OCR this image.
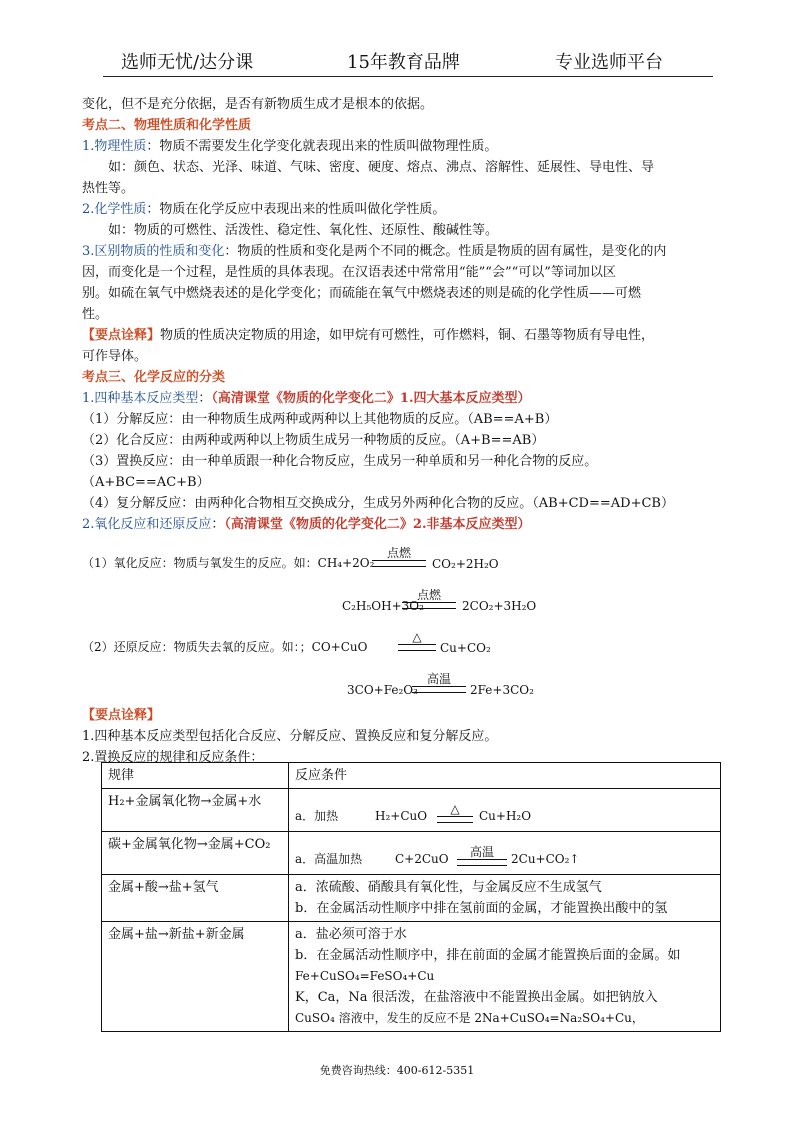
选师无忧/达分课	15年教育品牌	专业选师平台
变化，但不是充分依据，是否有新物质生成才是根本的依据。
考点二、物理性质和化学性质
1.物理性质：物质不需要发生化学变化就表现出来的性质叫做物理性质。
如：颜色、状态、光泽、味道、气味、密度、硬度、熔点、沸点、溶解性、延展性、导电性、导
热性等。
2.化学性质：物质在化学反应中表现出来的性质叫做化学性质。
如：物质的可燃性、活泼性、稳定性、氧化性、还原性、酸碱性等。
3.区别物质的性质和变化：物质的性质和变化是两个不同的概念。性质是物质的固有属性，是变化的内
因，而变化是一个过程，是性质的具体表现。在汉语表述中常常用“能”“会”“可以”等词加以区
别。如硫在氧气中燃烧表述的是化学变化；而硫能在氧气中燃烧表述的则是硫的化学性质——可燃
性。
【要点诠释】物质的性质决定物质的用途，如甲烷有可燃性，可作燃料，铜、石墨等物质有导电性，
可作导体。
考点三、化学反应的分类
1.四种基本反应类型：（高清课堂《物质的化学变化二》1.四大基本反应类型）
（1）分解反应：由一种物质生成两种或两种以上其他物质的反应。（AB==A+B）
（2）化合反应：由两种或两种以上物质生成另一种物质的反应。（A+B==AB）
（3）置换反应：由一种单质跟一种化合物反应，生成另一种单质和另一种化合物的反应。
（A+BC==AC+B）
（4）复分解反应：由两种化合物相互交换成分，生成另外两种化合物的反应。（AB+CD==AD+CB）
2.氧化反应和还原反应：（高清课堂《物质的化学变化二》2.非基本反应类型）
（1）氧化反应：物质与氧发生的反应。如：CH₄+2O₂
点燃
CO₂+2H₂O
C₂H₅OH+3O₂
点燃
2CO₂+3H₂O
（2）还原反应：物质失去氧的反应。如：；CO+CuO
△
Cu+CO₂
3CO+Fe₂O₃
高温
2Fe+3CO₂
【要点诠释】
1.四种基本反应类型包括化合反应、分解反应、置换反应和复分解反应。
2.置换反应的规律和反应条件：
规律	反应条件
H₂+金属氧化物→金属+水	a．加热 H₂+CuO △ Cu+H₂O

碳+金属氧化物→金属+CO₂	a．高温加热 C+2CuO 高温 2Cu+CO₂↑

金属+酸→盐+氢气	a．浓硫酸、硝酸具有氧化性，与金属反应不生成氢气
b．在金属活动性顺序中排在氢前面的金属，才能置换出酸中的氢

金属+盐→新盐+新金属	a．盐必须可溶于水
b．在金属活动性顺序中，排在前面的金属才能置换后面的金属。如
Fe+CuSO₄=FeSO₄+Cu
K，Ca，Na 很活泼，在盐溶液中不能置换出金属。如把钠放入
CuSO₄ 溶液中，发生的反应不是 2Na+CuSO₄=Na₂SO₄+Cu，
免费咨询热线：400-612-5351
